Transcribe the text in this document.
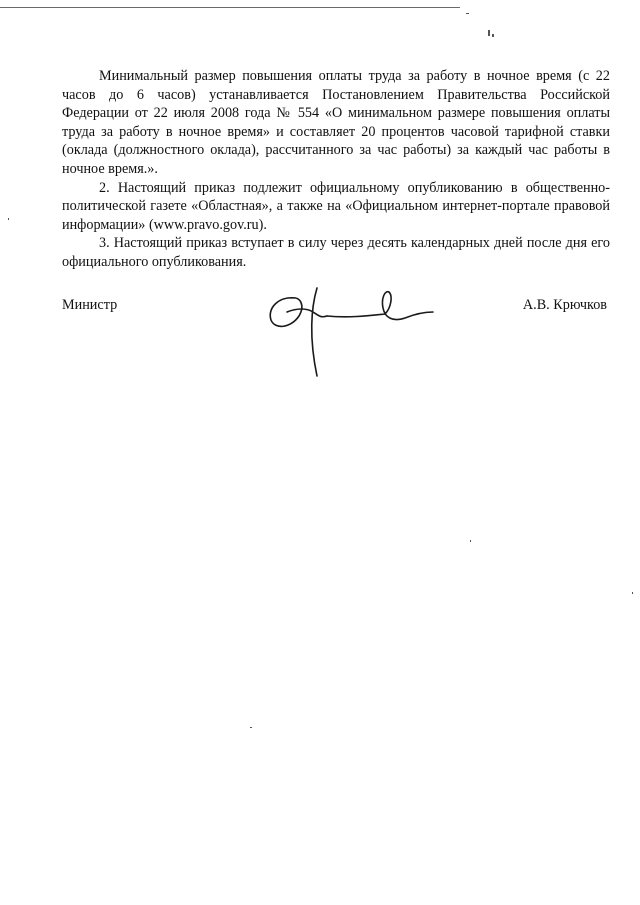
Минимальный размер повышения оплаты труда за работу в ночное время (с 22 часов до 6 часов) устанавливается Постановлением Правительства Российской Федерации от 22 июля 2008 года № 554 «О минимальном размере повышения оплаты труда за работу в ночное время» и составляет 20 процентов часовой тарифной ставки (оклада (должностного оклада), рассчитанного за час работы) за каждый час работы в ночное время.».

2. Настоящий приказ подлежит официальному опубликованию в общественно-политической газете «Областная», а также на «Официальном интернет-портале правовой информации» (www.pravo.gov.ru).

3. Настоящий приказ вступает в силу через десять календарных дней после дня его официального опубликования.

Министр	А.В. Крючков
